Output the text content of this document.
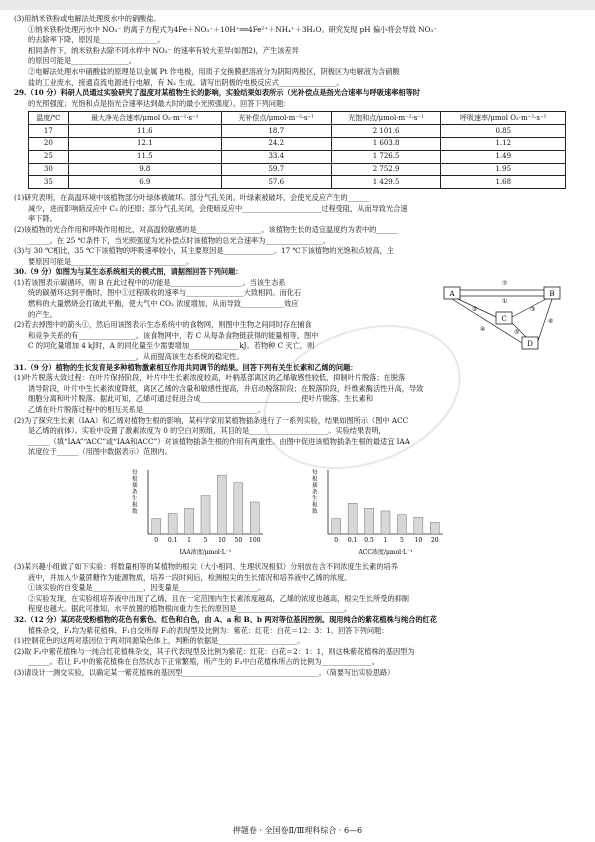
(3)用纳米铁粉或电解法处理废水中的硝酸盐。
①纳米铁粉处理污水中 NO₃⁻ 的离子方程式为4Fe＋NO₃⁻＋10H⁺══4Fe²⁺＋NH₄⁺＋3H₂O。研究发现 pH 偏小将会导致 NO₃⁻
的去除率下降，原因是________________。
相同条件下，纳米铁粉去除不同水样中 NO₃⁻ 的速率有较大差异(如图2)，产生该差异
的原因可能是________________。
②电解法处理水中硝酸盐的原理是以金属 Pt 作电极，用质子交换膜把溶液分为阴阳两极区，阴极区为电解液为含硝酸
盐的工业废水，接通直流电源进行电解，有 N₂ 生成。请写出阴极的电极反应式________________。
29.（10 分）科研人员通过实验研究了温度对某植物生长的影响，实验结果如表所示（光补偿点是指光合速率与呼吸速率相等时
的光照强度；光饱和点是指光合速率达到最大时的最小光照强度）。回答下列问题：
温度/℃	最大净光合速率/μmol O₂·m⁻²·s⁻¹	光补偿点/μmol·m⁻²·s⁻¹	光饱和点/μmol·m⁻²·s⁻¹	呼吸速率/μmol O₂·m⁻²·s⁻¹
17	11.6	18.7	2 101.6	0.85
20	12.1	24.2	1 603.8	1.12
25	11.5	33.4	1 726.5	1.49
30	9.8	59.7	2 752.9	1.95
35	6.9	57.6	1 429.5	1.68
(1)研究表明，在高温环境中该植物部分叶绿体被破坏。部分气孔关闭。叶绿素被破坏，会使光反应产生的______
减少，进而影响暗反应中 C₃ 的还原；部分气孔关闭，会使暗反应中______________________过程受阻，从而导致光合速
率下降。
(2)该植物的光合作用和呼吸作用相比，对高温较敏感的是__________________。该植物生长的适宜温度约为表中的______
______。在 25 ℃条件下，当光照强度为光补偿点时该植物的总光合速率为________________。
(3)与 30 ℃相比，35 ℃下该植物的呼吸速率较小，其主要原因是______________。17 ℃下该植物的光饱和点较高，主
要原因可能是________________________________。
30.（9 分）如图为与某生态系统相关的模式图，请据图回答下列问题：
(1)若该图表示碳循环，则 B 在此过程中的功能是____________________。当该生态系
统的碳循环达到平衡时，图中①过程吸收的速率与________________大致相同。而化石
燃料的大量燃烧会打破此平衡，使大气中 CO₂ 浓度增加，从而导致____________效应
的产生。
(2)若去掉图中的箭头①，然后用该图表示生态系统中的食物网，则图中生物之间同时存在捕食
和竞争关系的有________________。该食物网中，若 C 从每条食物链获得的能量相等，图中
C 的同化量增加 4 kJ时，A 的同化量至少需要增加______________kJ。若物种 C 灭亡，则
______________________________，从而提高该生态系统的稳定性。
A	B
C
D
⑦
①
②	③
④	⑤
⑥
31.（9 分）植物的生长发育是多种植物激素相互作用共同调节的结果。回答下列有关生长素和乙烯的问题：
(1)叶片脱落大致过程：在叶片保持阶段，叶片中生长素浓度较高，叶柄基部离区的乙烯敏感性较低，抑制叶片脱落；在脱落
诱导阶段，叶片中生长素浓度降低，离区乙烯的含量和敏感性提高，并启动脱落阶段；在脱落阶段，纤维素酶活性升高，导致
细胞分离和叶片脱落。据此可知，乙烯可通过促进合成____________________________使叶片脱落。生长素和
乙烯在叶片脱落过程中的相互关系是________________________________。
(2)为了探究生长素（IAA）和乙烯对植物生根的影响，某科学家用某植物插条进行了一系列实验，结果如图所示（图中 ACC
是乙烯的前体）。实验中设置了激素浓度为 0 的空白对照组，其目的是______________________。实验结果表明，
______（填“IAA”“ACC”或“IAA和ACC”）对该植物插条生根的作用有两重性。由图中促进该植物插条生根的最适宜 IAA
浓度位于______（用图中数据表示）范围内。
每根插条生根数
0 0.1 1 5 10 50 100
IAA浓度/μmol·L⁻¹
每根插条生根数
0 0.1 0.5 1 5 10 20
ACC浓度/μmol·L⁻¹
(3)某兴趣小组做了如下实验：将数量相等的某植物的根尖（大小相同、生理状况相似）分别放在含不同浓度生长素的培养
液中，并加入少量蔗糖作为能源物质，培养一段时间后，检测根尖的生长情况和培养液中乙烯的浓度。
①该实验的自变量是______________，因变量是______________________。
②实验发现，在实验组培养液中出现了乙烯，且在一定范围内生长素浓度越高，乙烯的浓度也越高，根尖生长所受的抑制
程度也越大。据此可推知，水平放置的植物根向重力生长的原因是______________________________。
32.（12 分）某闭花受粉植物的花色有紫色、红色和白色，由 A、a 和 B、b 两对等位基因控制。现用纯合的紫花植株与纯合的红花
植株杂交，F₁均为紫花植株，F₁自交所得 F₂的表现型及比例为：紫花：红花：白花＝12：3：1。回答下列问题：
(1)控制花色的这两对基因位于两对同源染色体上，判断的依据是______________________。
(2)取 F₂中紫花植株与一纯合红花植株杂交，其子代表现型及比例为紫花：红花：白花＝2：1：1，则这株紫花植株的基因型为
______。若让 F₂中的紫花植株在自然状态下正常繁殖，所产生的 F₃中白花植株所占的比例为______________。
(3)请设计一测交实验，以确定某一紫花植株的基因型______________________________________。（简要写出实验思路）
押题卷 · 全国卷Ⅱ/Ⅲ理科综合 · 6—6
